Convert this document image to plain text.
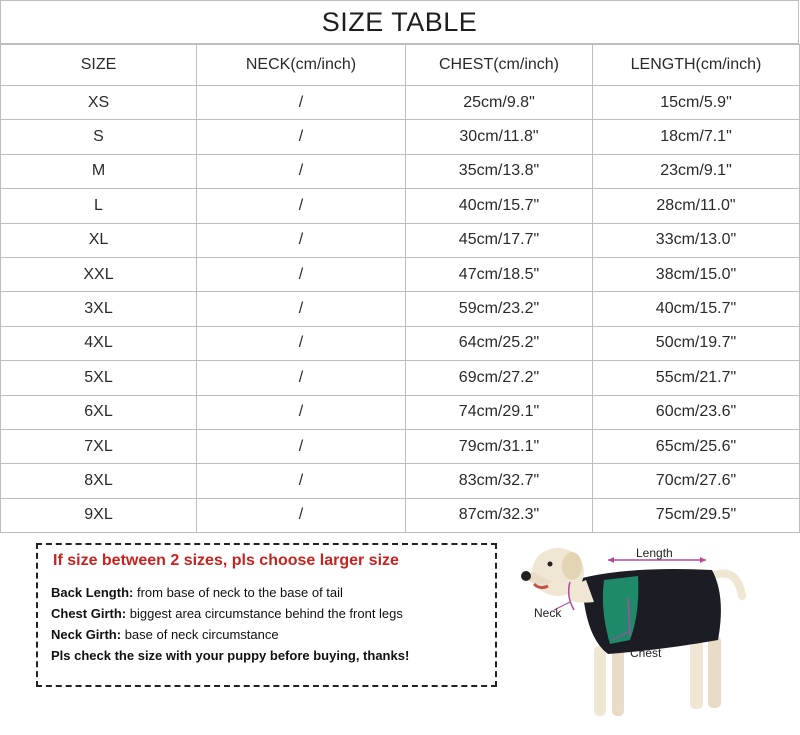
SIZE TABLE
SIZE	NECK(cm/inch)	CHEST(cm/inch)	LENGTH(cm/inch)
XS	/	25cm/9.8"	15cm/5.9"
S	/	30cm/11.8"	18cm/7.1"
M	/	35cm/13.8"	23cm/9.1"
L	/	40cm/15.7"	28cm/11.0"
XL	/	45cm/17.7"	33cm/13.0"
XXL	/	47cm/18.5"	38cm/15.0"
3XL	/	59cm/23.2"	40cm/15.7"
4XL	/	64cm/25.2"	50cm/19.7"
5XL	/	69cm/27.2"	55cm/21.7"
6XL	/	74cm/29.1"	60cm/23.6"
7XL	/	79cm/31.1"	65cm/25.6"
8XL	/	83cm/32.7"	70cm/27.6"
9XL	/	87cm/32.3"	75cm/29.5"
If size between 2 sizes, pls choose larger size
Back Length: from base of neck to the base of tail
Chest Girth: biggest area circumstance behind the front legs
Neck Girth: base of neck circumstance
Pls check the size with your puppy before buying, thanks!
Length
Neck
Chest
